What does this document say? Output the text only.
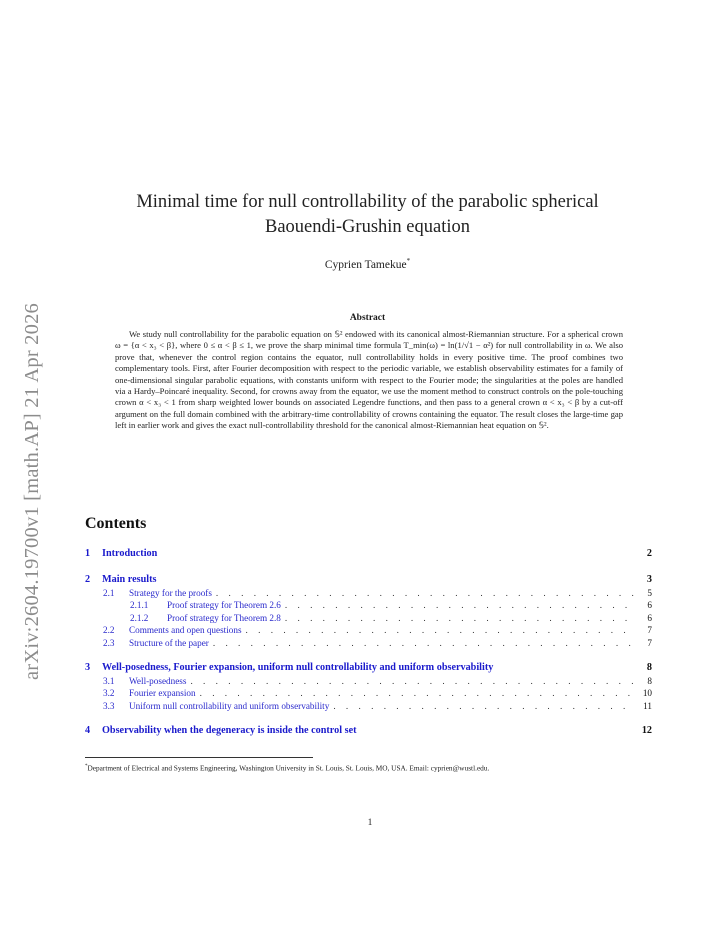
arXiv:2604.19700v1 [math.AP] 21 Apr 2026
Minimal time for null controllability of the parabolic spherical
Baouendi-Grushin equation
Cyprien Tamekue*
Abstract
We study null controllability for the parabolic equation on 𝕊² endowed with its canonical almost-Riemannian structure. For a spherical crown ω = {α < x₃ < β}, where 0 ≤ α < β ≤ 1, we prove the sharp minimal time formula T_min(ω) = ln(1/√1 − α²) for null controllability in ω. We also prove that, whenever the control region contains the equator, null controllability holds in every positive time. The proof combines two complementary tools. First, after Fourier decomposition with respect to the periodic variable, we establish observability estimates for a family of one-dimensional singular parabolic equations, with constants uniform with respect to the Fourier mode; the singularities at the poles are handled via a Hardy–Poincaré inequality. Second, for crowns away from the equator, we use the moment method to construct controls on the pole-touching crown α < x₃ < 1 from sharp weighted lower bounds on associated Legendre functions, and then pass to a general crown α < x₃ < β by a cut-off argument on the full domain combined with the arbitrary-time controllability of crowns containing the equator. The result closes the large-time gap left in earlier work and gives the exact null-controllability threshold for the canonical almost-Riemannian heat equation on 𝕊².
Contents
1	Introduction	2
2	Main results	3
2.1	Strategy for the proofs . . .	5
2.1.1	Proof strategy for Theorem 2.6 . . .	6
2.1.2	Proof strategy for Theorem 2.8 . . .	6
2.2	Comments and open questions . . .	7
2.3	Structure of the paper . . .	7
3	Well-posedness, Fourier expansion, uniform null controllability and uniform observability	8
3.1	Well-posedness . . .	8
3.2	Fourier expansion . . .	10
3.3	Uniform null controllability and uniform observability . . .	11
4	Observability when the degeneracy is inside the control set	12
*Department of Electrical and Systems Engineering, Washington University in St. Louis, St. Louis, MO, USA. Email: cyprien@wustl.edu.
1
